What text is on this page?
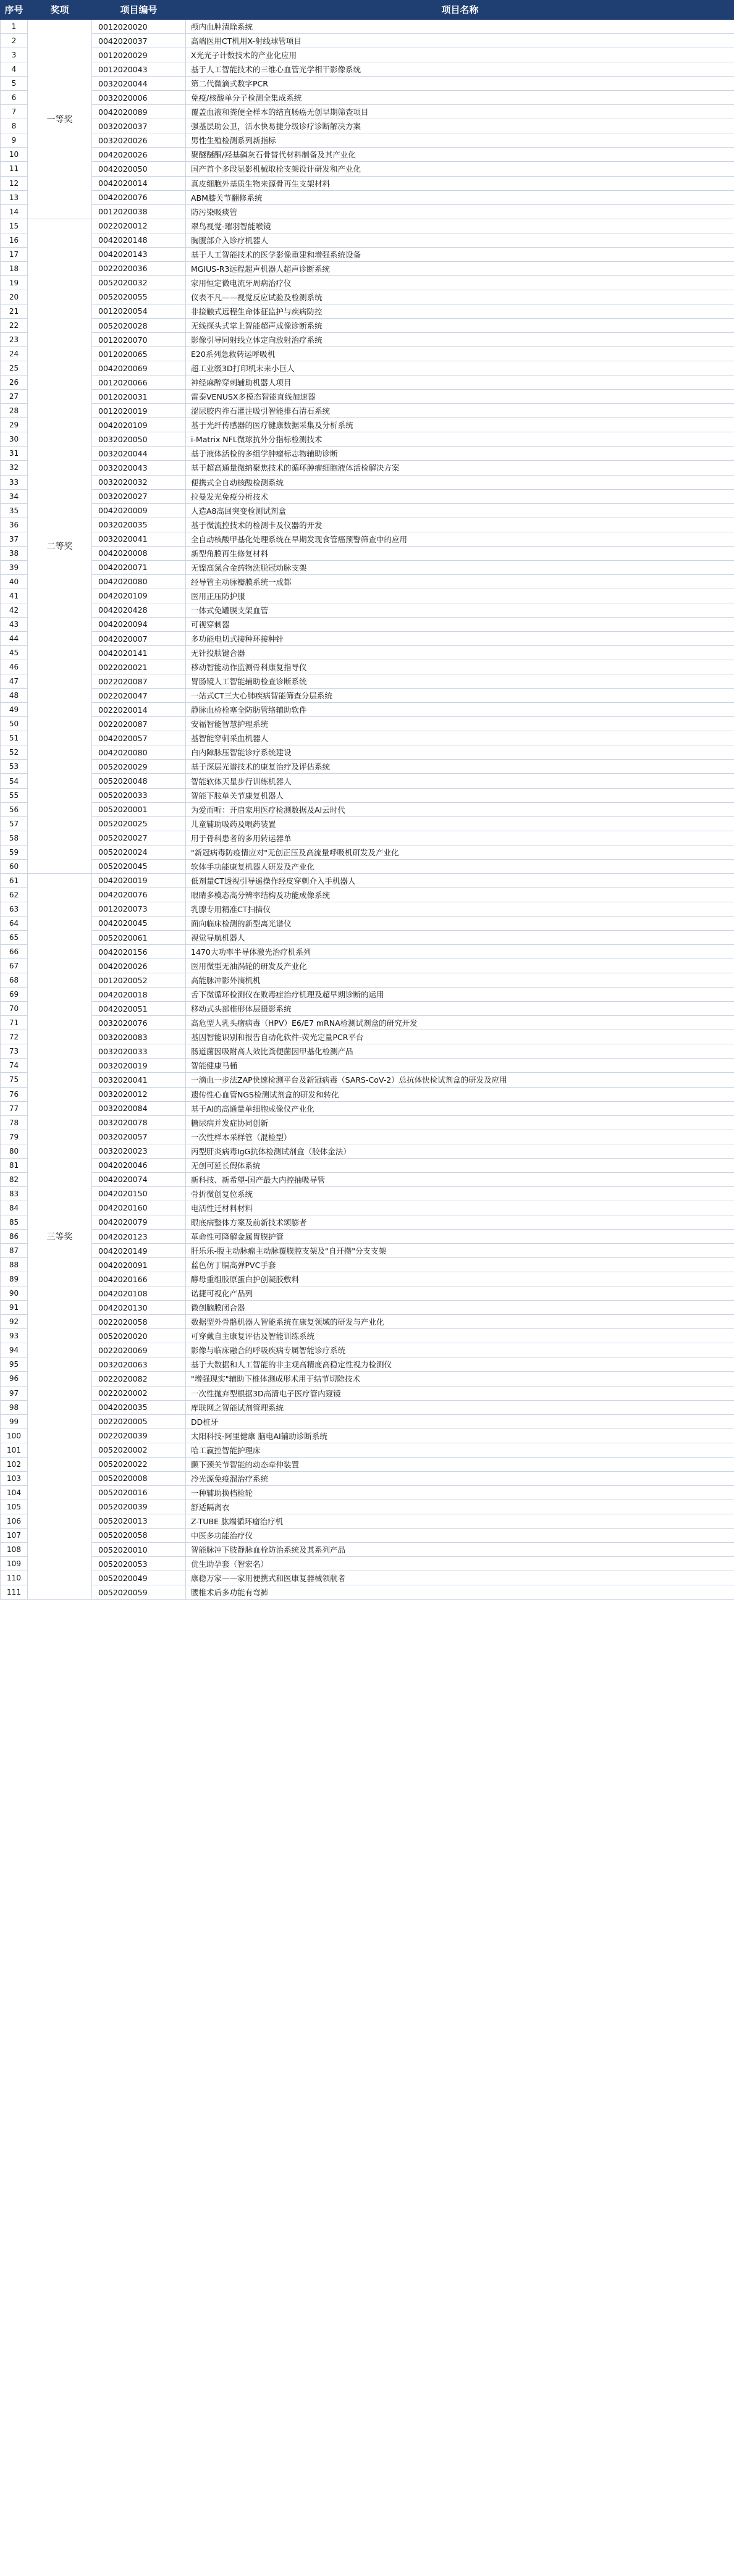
序号	奖项	项目编号	项目名称
1	一等奖	0012020020	颅内血肿清除系统
2		0042020037	高端医用CT机用X-射线球管项目
3		0012020029	X光光子计数技术的产业化应用
4		0012020043	基于人工智能技术的三维心血管光学相干影像系统
5		0032020044	第二代微滴式数字PCR
6		0032020006	免疫/核酸单分子检测全集成系统
7		0042020089	覆盖血液和粪便全样本的结直肠癌无创早期筛查项目
8		0032020037	强基层助公卫，活水快易捷分级诊疗诊断解决方案
9		0032020026	男性生殖检测系列新指标
10		0042020026	聚醚醚酮/羟基磷灰石骨替代材料制备及其产业化
11		0042020050	国产首个多段显影机械取栓支架设计研发和产业化
12		0042020014	真皮细胞外基质生物来源骨再生支架材料
13		0042020076	ABM膝关节翻修系统
14		0012020038	防污染吸痰管
15	二等奖	0022020012	翠鸟视觉-璀羽智能喉镜
16		0042020148	胸腹部介入诊疗机器人
17		0042020143	基于人工智能技术的医学影像重建和增强系统设备
18		0022020036	MGIUS-R3远程超声机器人超声诊断系统
19		0052020032	家用恒定微电流牙周病治疗仪
20		0052020055	仪表不凡——视觉反应试验及检测系统
21		0012020054	非接触式远程生命体征监护与疾病防控
22		0052020028	无线探头式掌上智能超声成像诊断系统
23		0012020070	影像引导同射线立体定向放射治疗系统
24		0012020065	E20系列急救转运呼吸机
25		0042020069	超工业级3D打印机未来小巨人
26		0012020066	神经麻醉穿刺辅助机器人项目
27		0012020031	雷泰VENUSX多模态智能直线加速器
28		0012020019	涩尿胶内祚石灌注吸引智能排石清石系统
29		0042020109	基于光纤传感器的医疗健康数据采集及分析系统
30		0032020050	i-Matrix NFL微球抗外分指标检测技术
31		0032020044	基于液体活检的多组学肿瘤标志物辅助诊断
32		0032020043	基于超高通量微纳聚焦技术的循环肿瘤细胞液体活检解决方案
33		0032020032	便携式全自动核酸检测系统
34		0032020027	拉曼发光免疫分析技术
35		0042020009	人造A8高回突变检测试剂盒
36		0032020035	基于微流控技术的检测卡及仪器的开发
37		0032020041	全自动核酸甲基化处理系统在早期发现食管癌预警筛查中的应用
38		0042020008	新型角膜再生修复材料
39		0042020071	无镍高氮合金药物洗脱冠动脉支架
40		0042020080	经导管主动脉瓣膜系统一成都
41		0042020109	医用正压防护服
42		0042020428	一体式免罐膜支架血管
43		0042020094	可视穿刺器
44		0042020007	多功能电切式接种环接种针
45		0042020141	无针投肤键合器
46		0022020021	移动智能动作监测骨科康复指导仪
47		0022020087	胃肠镜人工智能辅助检查诊断系统
48		0022020047	一站式CT三大心肺疾病智能筛查分层系统
49		0022020014	静脉血检栓塞全防肪管络辅助软件
50		0022020087	安福智能智慧护理系统
51		0042020057	基智能穿刺采血机器人
52		0042020080	白内障脉压智能诊疗系统建设
53		0052020029	基于深层光谱技术的康复治疗及评估系统
54		0052020048	智能软体天星步行训练机器人
55		0052020033	智能下肢单关节康复机器人
56		0052020001	为爱而听：开启家用医疗检测数据及AI云时代
57		0052020025	儿童辅助吸药及喂药装置
58		0052020027	用于骨科患者的多用转运器单
59		0052020024	"新冠病毒防疫情应对"无创正压及高流量呼吸机研发及产业化
60		0052020045	软体手功能康复机器人研发及产业化
61	三等奖	0042020019	低剂量CT透视引导遥操作经皮穿刺介入手机器人
62		0042020076	眼睛多模态高分辨率结构及功能成像系统
63		0012020073	乳腺专用精准CT扫描仪
64		0042020045	面向临床检测的新型离光谱仪
65		0052020061	视觉导航机器人
66		0042020156	1470大功率半导体激光治疗机系列
67		0042020026	医用微型无油涡轮的研发及产业化
68		0012020052	高能脉冲影外滴机机
69		0042020018	舌下微循环检测仪在败毒症治疗机理及超早期诊断的运用
70		0042020051	移动式头部椎形体层摄影系统
71		0032020076	高危型人乳头瘤病毒（HPV）E6/E7 mRNA检测试剂盒的研究开发
72		0032020083	基因智能识别和报告自动化软件-荧光定量PCR平台
73		0032020033	肠道菌因吸附高人效比粪便菌因甲基化检测产品
74		0032020019	智能健康马桶
75		0032020041	一滴血一步法ZAP快速检测平台及新冠病毒（SARS-CoV-2）总抗体快检试剂盒的研发及应用
76		0032020012	遗传性心血管NGS检测试剂盒的研发和转化
77		0032020084	基于AI的高通量单细胞成像仪产业化
78		0032020078	糖尿病并发症协同创新
79		0032020057	一次性样本采样管（混检型）
80		0032020023	丙型肝炎病毒IgG抗体检测试剂盒（胶体金法）
81		0042020046	无创可延长假体系统
82		0042020074	新科技、新希望-国产最大内控抽吸导管
83		0042020150	骨折微创复位系统
84		0042020160	电活性迁材料材料
85		0042020079	眼底病整体方案及前新技术颂膨者
86		0042020123	革命性可降解金属胃膜护管
87		0042020149	肝乐乐-腹主动脉瘤主动脉覆膜腔支架及"自开攒"分支支架
88		0042020091	蓝色仿丁膈高弹PVC手套
89		0042020166	酵母重组胶原蛋白护创凝胶敷料
90		0042020108	诺捷可视化产品列
91		0042020130	微创脑膜闭合器
92		0022020058	数据型外骨骼机器人智能系统在康复领域的研发与产业化
93		0052020020	可穿戴自主康复评估及智能训练系统
94		0022020069	影像与临床融合的呼吸疾病专属智能诊疗系统
95		0032020063	基于大数据和人工智能的非主观高精度高稳定性视力检测仪
96		0022020082	"增强现实"辅助下椎体测成形术用于结节切除技术
97		0022020002	一次性抛弃型根据3D高清电子医疗管内窥镜
98		0042020035	库联网之智能试剂管理系统
99		0022020005	DD桩牙
100		0022020039	太阳科技-阿里健康 脑电AI辅助诊断系统
101		0052020002	哈工嬴控智能护理床
102		0052020022	颤下颈关节智能的动态牵伸装置
103		0052020008	冷光源免疫溜治疗系统
104		0052020016	一种辅助换档检轮
105		0052020039	舒适隔离衣
106		0052020013	Z-TUBE 肱端循环瘤治疗机
107		0052020058	中医多功能治疗仪
108		0052020010	智能脉冲下肢静脉血栓防治系统及其系列产品
109		0052020053	优生助孕套（智宏名）
110		0052020049	康稳万家——家用便携式和医康复器械领航者
111		0052020059	腰椎术后多功能有弯裤
